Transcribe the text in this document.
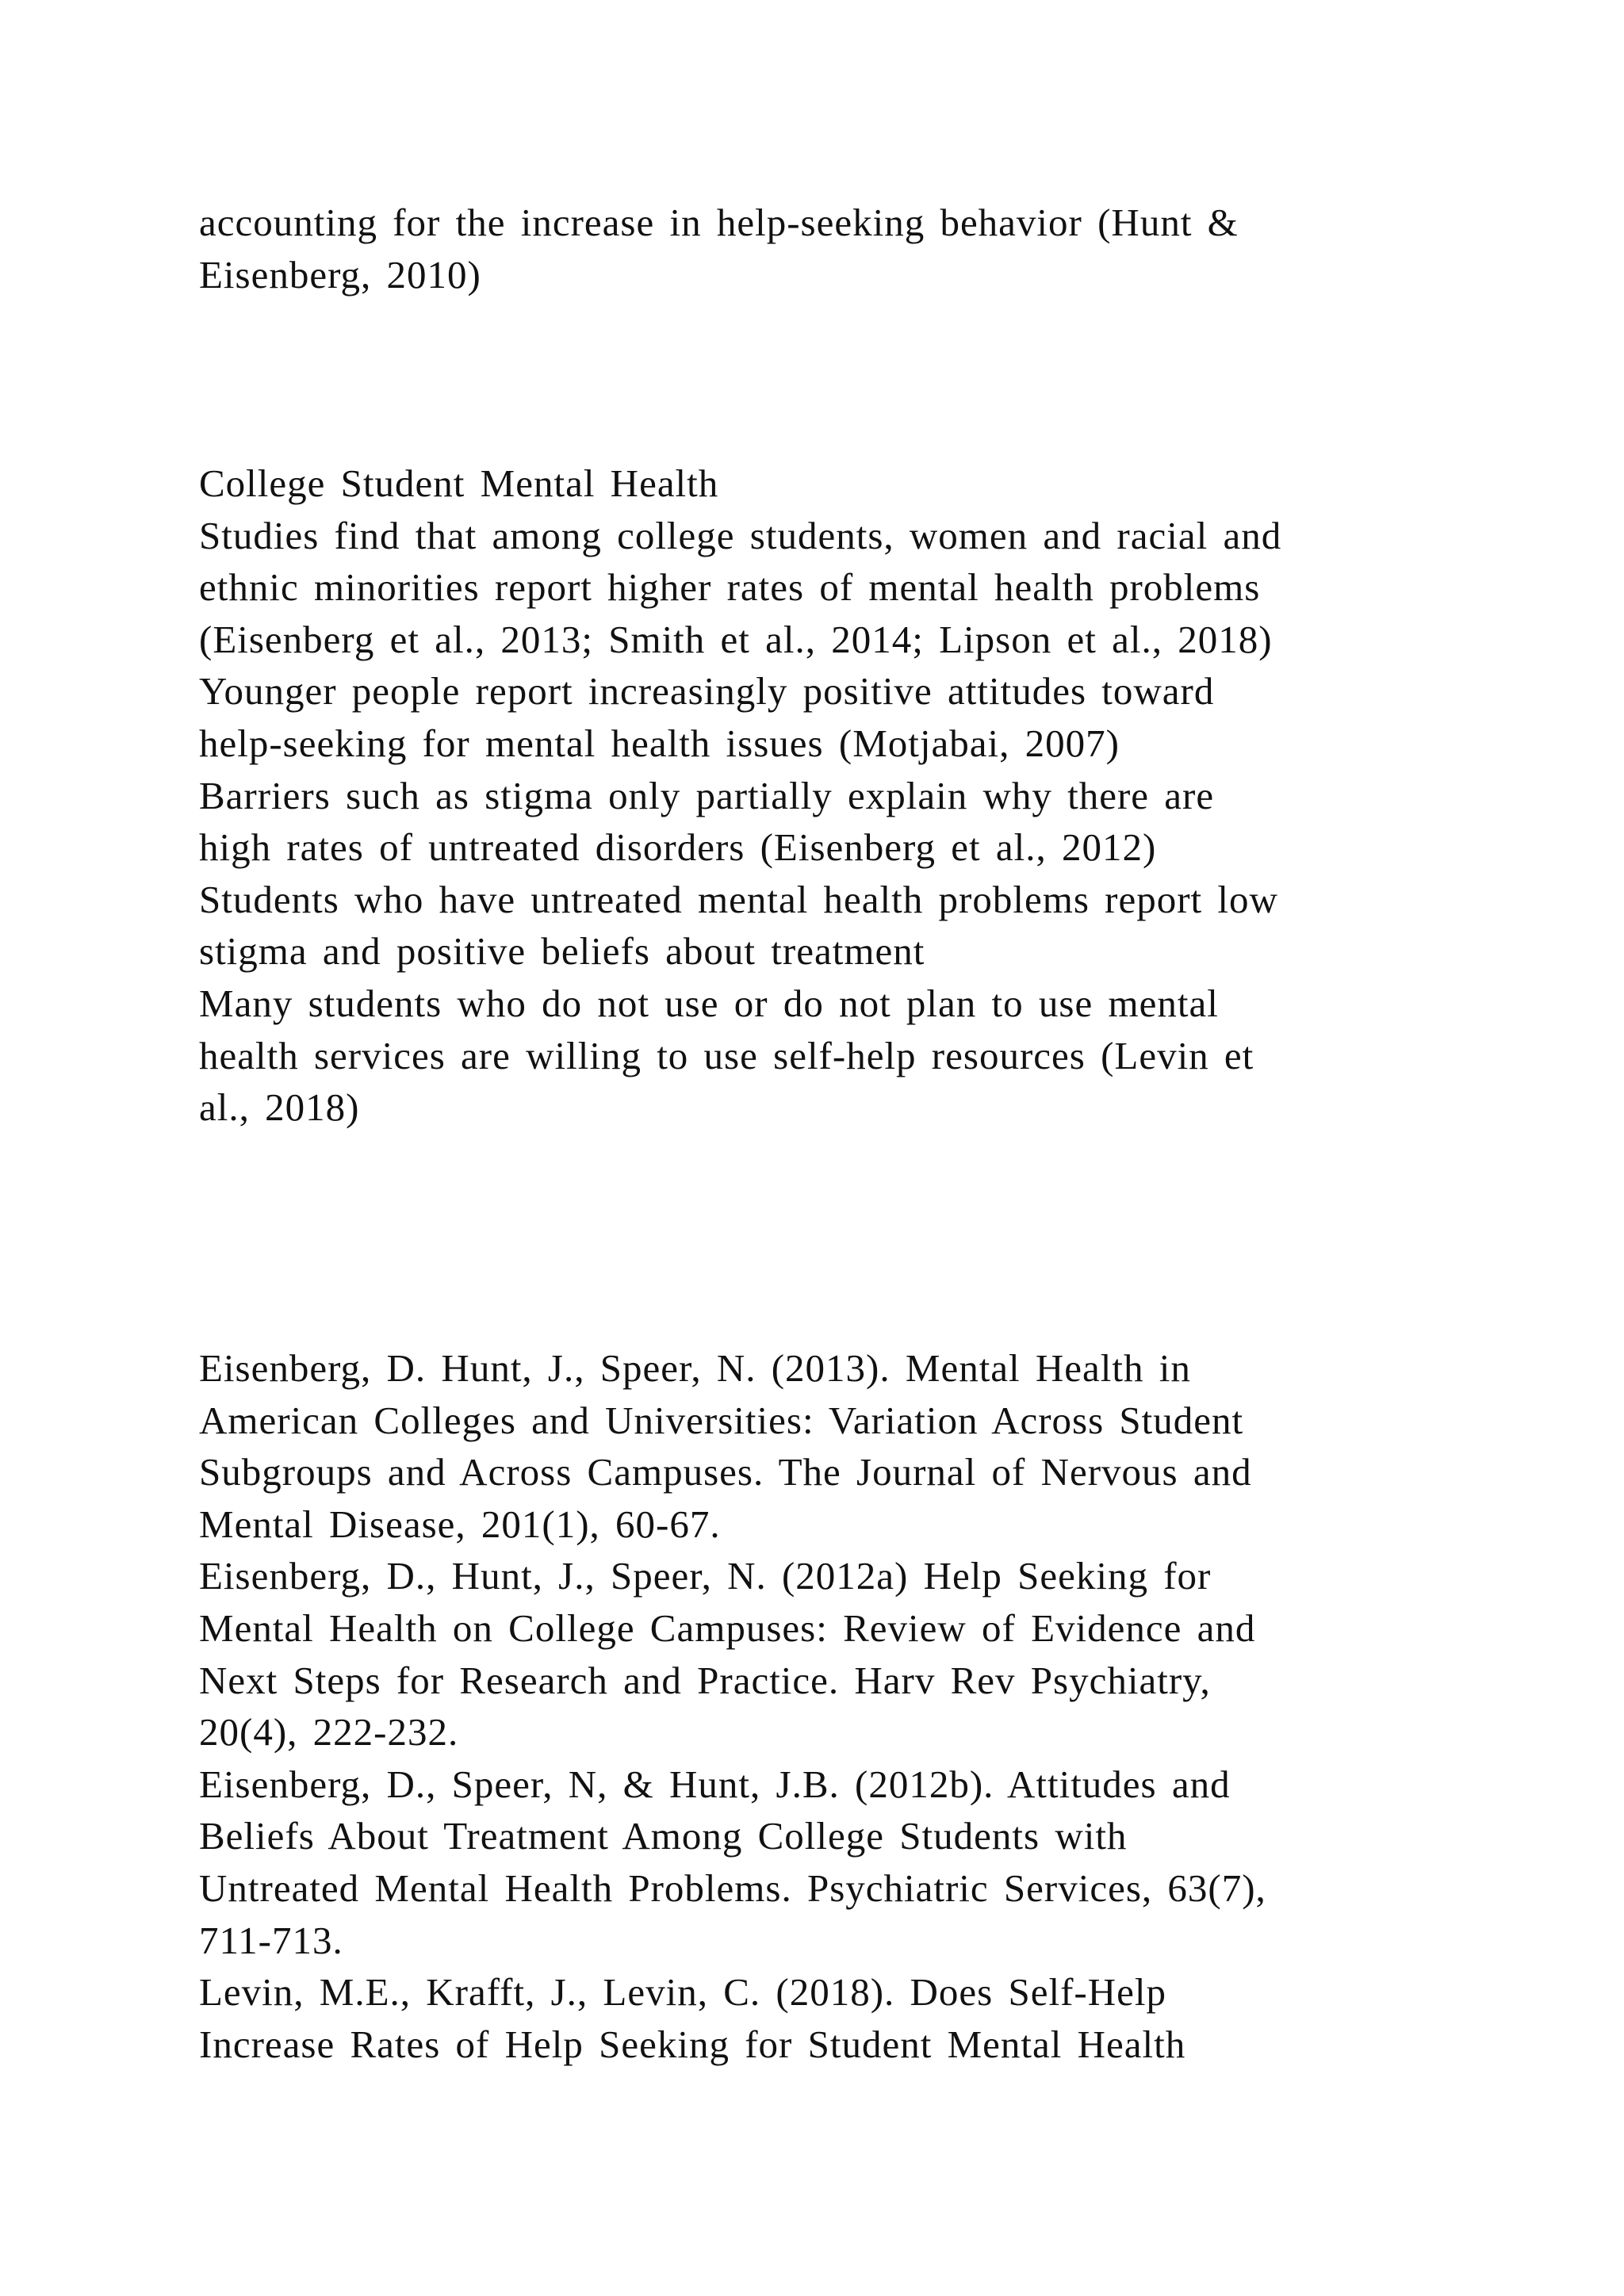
accounting for the increase in help-seeking behavior (Hunt &
Eisenberg, 2010)
College Student Mental Health
Studies find that among college students, women and racial and
ethnic minorities report higher rates of mental health problems
(Eisenberg et al., 2013; Smith et al., 2014; Lipson et al., 2018)
Younger people report increasingly positive attitudes toward
help-seeking for mental health issues (Motjabai, 2007)
Barriers such as stigma only partially explain why there are
high rates of untreated disorders (Eisenberg et al., 2012)
Students who have untreated mental health problems report low
stigma and positive beliefs about treatment
Many students who do not use or do not plan to use mental
health services are willing to use self-help resources (Levin et
al., 2018)
Eisenberg, D. Hunt, J., Speer, N. (2013). Mental Health in
American Colleges and Universities: Variation Across Student
Subgroups and Across Campuses. The Journal of Nervous and
Mental Disease, 201(1), 60-67.
Eisenberg, D., Hunt, J., Speer, N. (2012a) Help Seeking for
Mental Health on College Campuses: Review of Evidence and
Next Steps for Research and Practice. Harv Rev Psychiatry,
20(4), 222-232.
Eisenberg, D., Speer, N, & Hunt, J.B. (2012b). Attitudes and
Beliefs About Treatment Among College Students with
Untreated Mental Health Problems. Psychiatric Services, 63(7),
711-713.
Levin, M.E., Krafft, J., Levin, C. (2018). Does Self-Help
Increase Rates of Help Seeking for Student Mental Health
